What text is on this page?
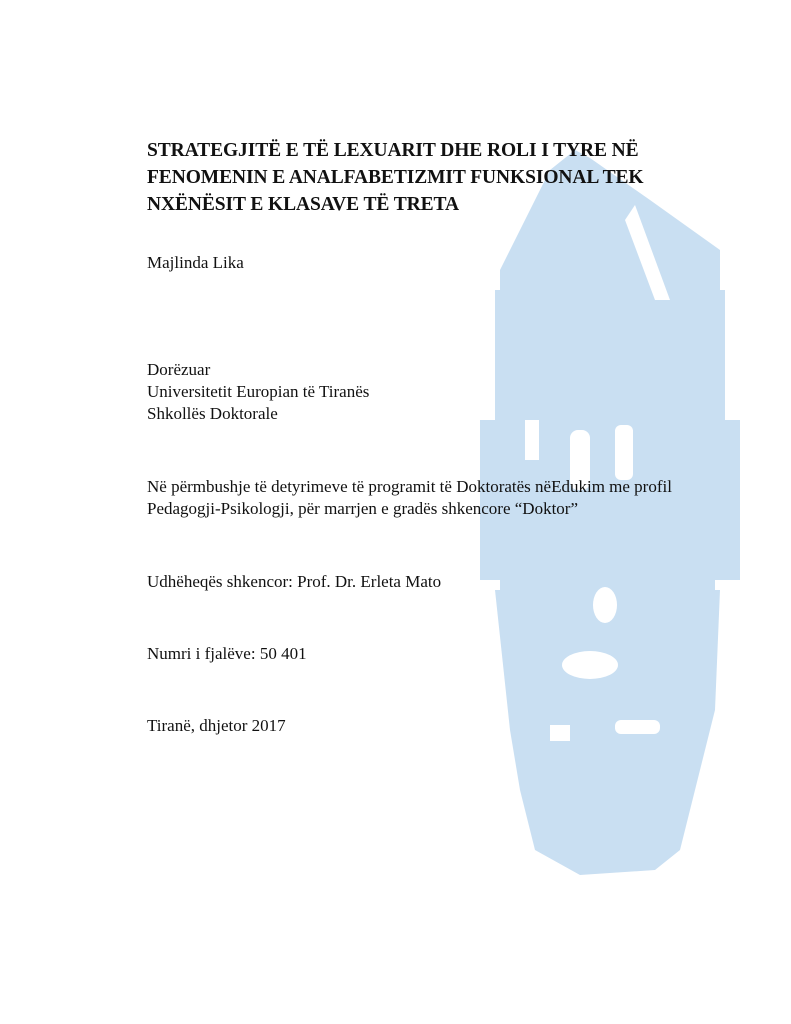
STRATEGJITË E TË LEXUARIT DHE ROLI I TYRE NË
FENOMENIN E ANALFABETIZMIT FUNKSIONAL TEK
NXËNËSIT E KLASAVE TË TRETA
Majlinda Lika
Dorëzuar
Universitetit Europian të Tiranës
Shkollës Doktorale
Në përmbushje të detyrimeve të programit të Doktoratës nëEdukim me profil
Pedagogji-Psikologji, për marrjen e gradës shkencore “Doktor”
Udhëheqës shkencor: Prof. Dr. Erleta Mato
Numri i fjalëve: 50 401
Tiranë, dhjetor 2017
